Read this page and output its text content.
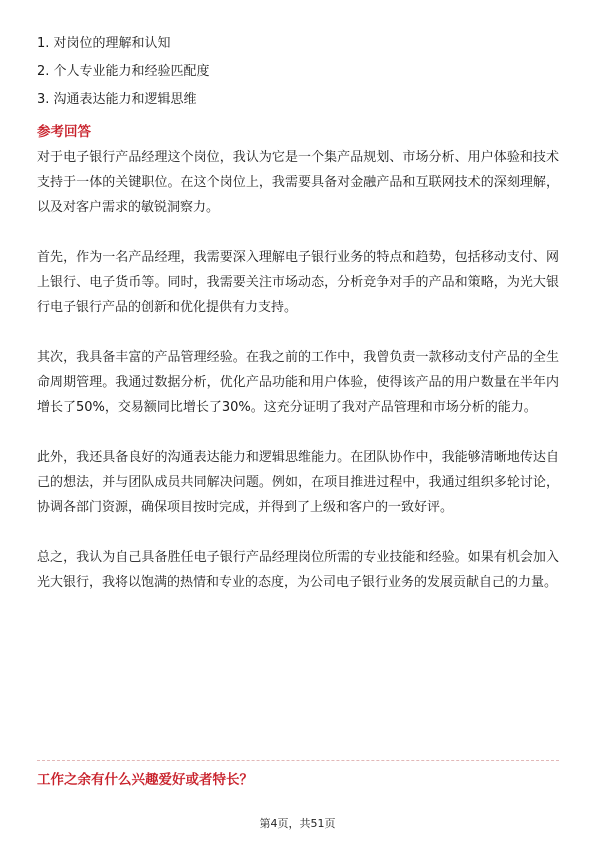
1. 对岗位的理解和认知
2. 个人专业能力和经验匹配度
3. 沟通表达能力和逻辑思维
参考回答

对于电子银行产品经理这个岗位，我认为它是一个集产品规划、市场分析、用户体验和技术支持于一体的关键职位。在这个岗位上，我需要具备对金融产品和互联网技术的深刻理解，以及对客户需求的敏锐洞察力。

首先，作为一名产品经理，我需要深入理解电子银行业务的特点和趋势，包括移动支付、网上银行、电子货币等。同时，我需要关注市场动态，分析竞争对手的产品和策略，为光大银行电子银行产品的创新和优化提供有力支持。

其次，我具备丰富的产品管理经验。在我之前的工作中，我曾负责一款移动支付产品的全生命周期管理。我通过数据分析，优化产品功能和用户体验，使得该产品的用户数量在半年内增长了50%，交易额同比增长了30%。这充分证明了我对产品管理和市场分析的能力。

此外，我还具备良好的沟通表达能力和逻辑思维能力。在团队协作中，我能够清晰地传达自己的想法，并与团队成员共同解决问题。例如，在项目推进过程中，我通过组织多轮讨论，协调各部门资源，确保项目按时完成，并得到了上级和客户的一致好评。

总之，我认为自己具备胜任电子银行产品经理岗位所需的专业技能和经验。如果有机会加入光大银行，我将以饱满的热情和专业的态度，为公司电子银行业务的发展贡献自己的力量。

工作之余有什么兴趣爱好或者特长？
第4页，共51页
